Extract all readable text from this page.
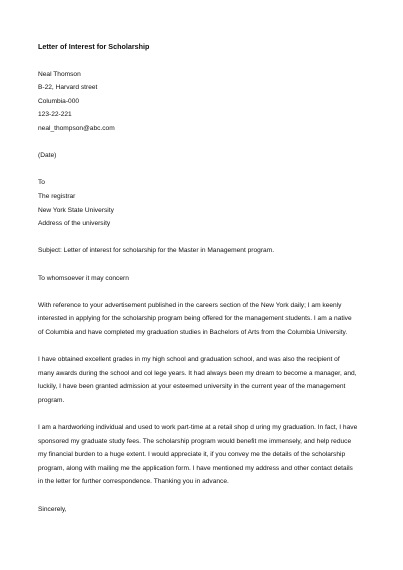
Letter of Interest for Scholarship
Neal Thomson
B-22, Harvard street
Columbia-000
123-22-221
neal_thompson@abc.com
(Date)
To
The registrar
New York State University
Address of the university
Subject: Letter of interest for scholarship for the Master in Management program.
To whomsoever it may concern
With reference to your advertisement published in the careers section of the New York daily; I am keenly
interested in applying for the scholarship program being offered for the management students. I am a native
of Columbia and have completed my graduation studies in Bachelors of Arts from the Columbia University.
I have obtained excellent grades in my high school and graduation school, and was also the recipient of
many awards during the school and col lege years. It had always been my dream to become a manager, and,
luckily, I have been granted admission at your esteemed university in the current year of the management
program.
I am a hardworking individual and used to work part-time at a retail shop d uring my graduation. In fact, I have
sponsored my graduate study fees. The scholarship program would benefit me immensely, and help reduce
my financial burden to a huge extent. I would appreciate it, if you convey me the details of the scholarship
program, along with mailing me the application form. I have mentioned my address and other contact details
in the letter for further correspondence. Thanking you in advance.
Sincerely,
